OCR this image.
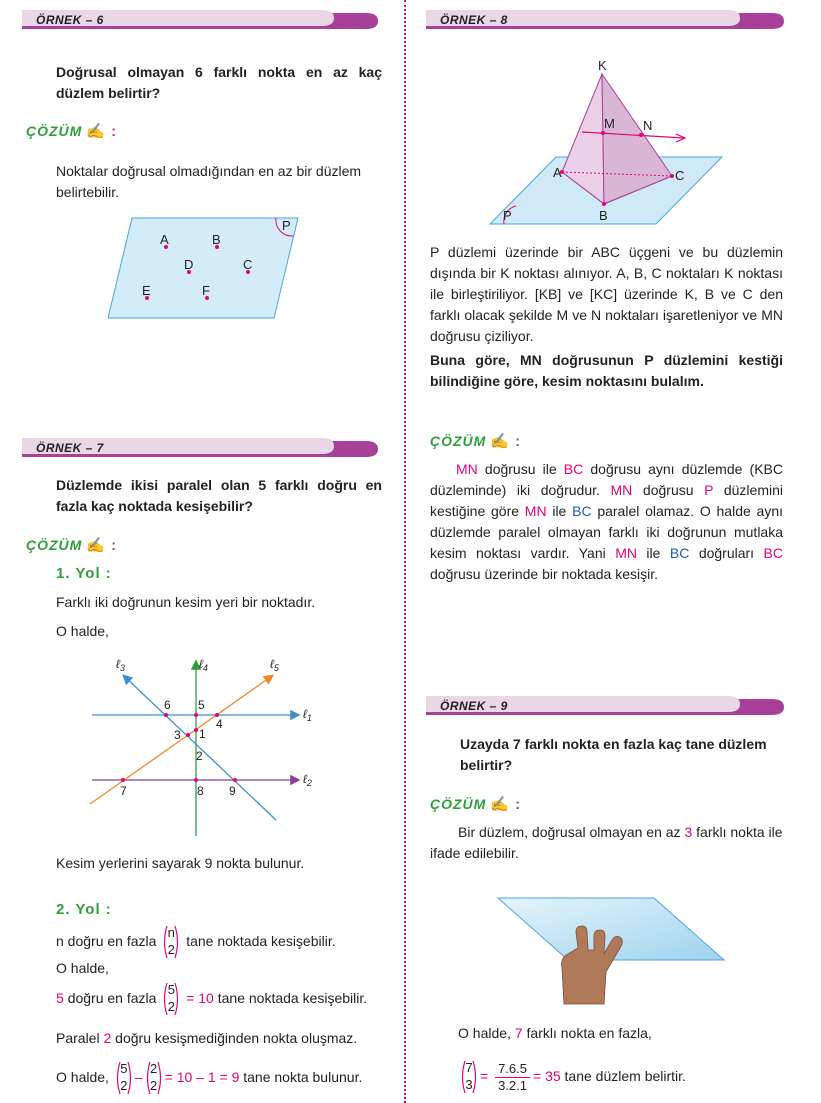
ÖRNEK – 6
Doğrusal olmayan 6 farklı nokta en az kaç düzlem belirtir?
ÇÖZÜM ✍ :
Noktalar doğrusal olmadığından en az bir düzlem belirtebilir.
A	B
D	C
E	F
P
ÖRNEK – 7
Düzlemde ikisi paralel olan 5 farklı doğru en fazla kaç noktada kesişebilir?
ÇÖZÜM ✍ :
1. Yol :
Farklı iki doğrunun kesim yeri bir noktadır.
O halde,
ℓ$_3$	ℓ$_4$	ℓ$_5$
ℓ$_1$
ℓ$_2$
1
2
3
4
5
6
7	8 9
Kesim yerlerini sayarak 9 nokta bulunur.
2. Yol :
n doğru en fazla
n
2
tane noktada kesişebilir.
O halde,
5 doğru en fazla
5
2
= 10 tane noktada kesişebilir.
Paralel 2 doğru kesişmediğinden nokta oluşmaz.
O halde,
5
2
–
2
2
= 10 – 1 = 9 tane nokta bulunur.
ÖRNEK – 8
K
M N
A	C
B
P
P düzlemi üzerinde bir ABC üçgeni ve bu düzlemin dışında bir K noktası alınıyor. A, B, C noktaları K noktası ile birleştiriliyor. [KB] ve [KC] üzerinde K, B ve C den farklı olacak şekilde M ve N noktaları işaretleniyor ve MN doğrusu çiziliyor.
Buna göre, MN doğrusunun P düzlemini kestiği bilindiğine göre, kesim noktasını bulalım.
ÇÖZÜM ✍ :
MN doğrusu ile BC doğrusu aynı düzlemde (KBC düzleminde) iki doğrudur. MN doğrusu P düzlemini kestiğine göre MN ile BC paralel olamaz. O halde aynı düzlemde paralel olmayan farklı iki doğrunun mutlaka kesim noktası vardır. Yani MN ile BC doğruları BC doğrusu üzerinde bir noktada kesişir.
ÖRNEK – 9
Uzayda 7 farklı nokta en fazla kaç tane düzlem belirtir?
ÇÖZÜM ✍ :
Bir düzlem, doğrusal olmayan en az 3 farklı nokta ile ifade edilebilir.
O halde, 7 farklı nokta en fazla,
7
3
= $\frac{7.6.5}{3.2.1} = 35$ tane düzlem belirtir.
